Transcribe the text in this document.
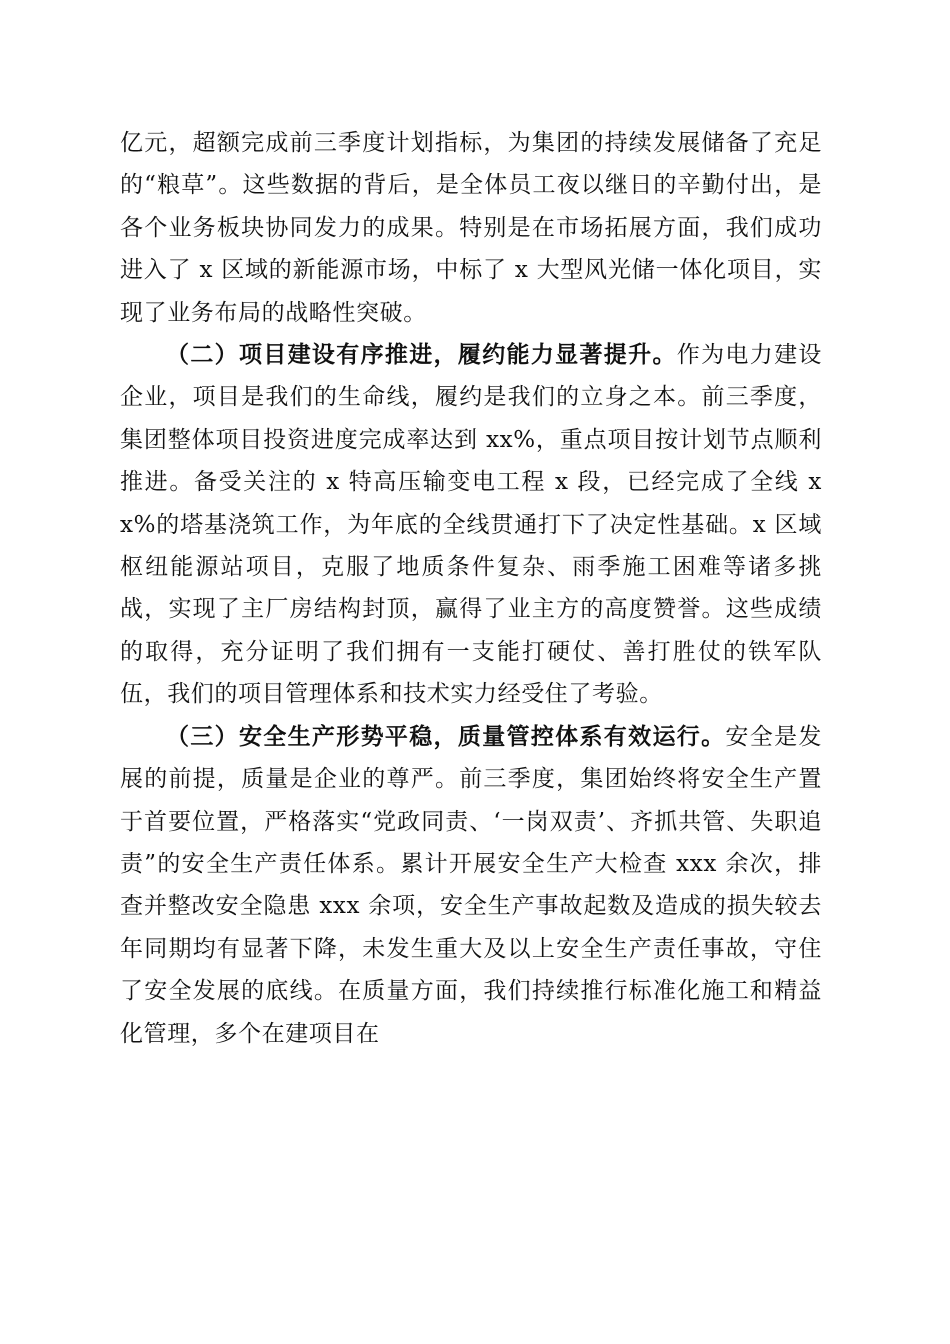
亿元，超额完成前三季度计划指标，为集团的持续发展储备了充足的“粮草”。这些数据的背后，是全体员工夜以继日的辛勤付出，是各个业务板块协同发力的成果。特别是在市场拓展方面，我们成功进入了 x 区域的新能源市场，中标了 x 大型风光储一体化项目，实现了业务布局的战略性突破。

（二）项目建设有序推进，履约能力显著提升。作为电力建设企业，项目是我们的生命线，履约是我们的立身之本。前三季度，集团整体项目投资进度完成率达到 xx%，重点项目按计划节点顺利推进。备受关注的 x 特高压输变电工程 x 段，已经完成了全线 xx%的塔基浇筑工作，为年底的全线贯通打下了决定性基础。x 区域枢纽能源站项目，克服了地质条件复杂、雨季施工困难等诸多挑战，实现了主厂房结构封顶，赢得了业主方的高度赞誉。这些成绩的取得，充分证明了我们拥有一支能打硬仗、善打胜仗的铁军队伍，我们的项目管理体系和技术实力经受住了考验。

（三）安全生产形势平稳，质量管控体系有效运行。安全是发展的前提，质量是企业的尊严。前三季度，集团始终将安全生产置于首要位置，严格落实“党政同责、‘一岗双责’、齐抓共管、失职追责”的安全生产责任体系。累计开展安全生产大检查 xxx 余次，排查并整改安全隐患 xxx 余项，安全生产事故起数及造成的损失较去年同期均有显著下降，未发生重大及以上安全生产责任事故，守住了安全发展的底线。在质量方面，我们持续推行标准化施工和精益化管理，多个在建项目在
